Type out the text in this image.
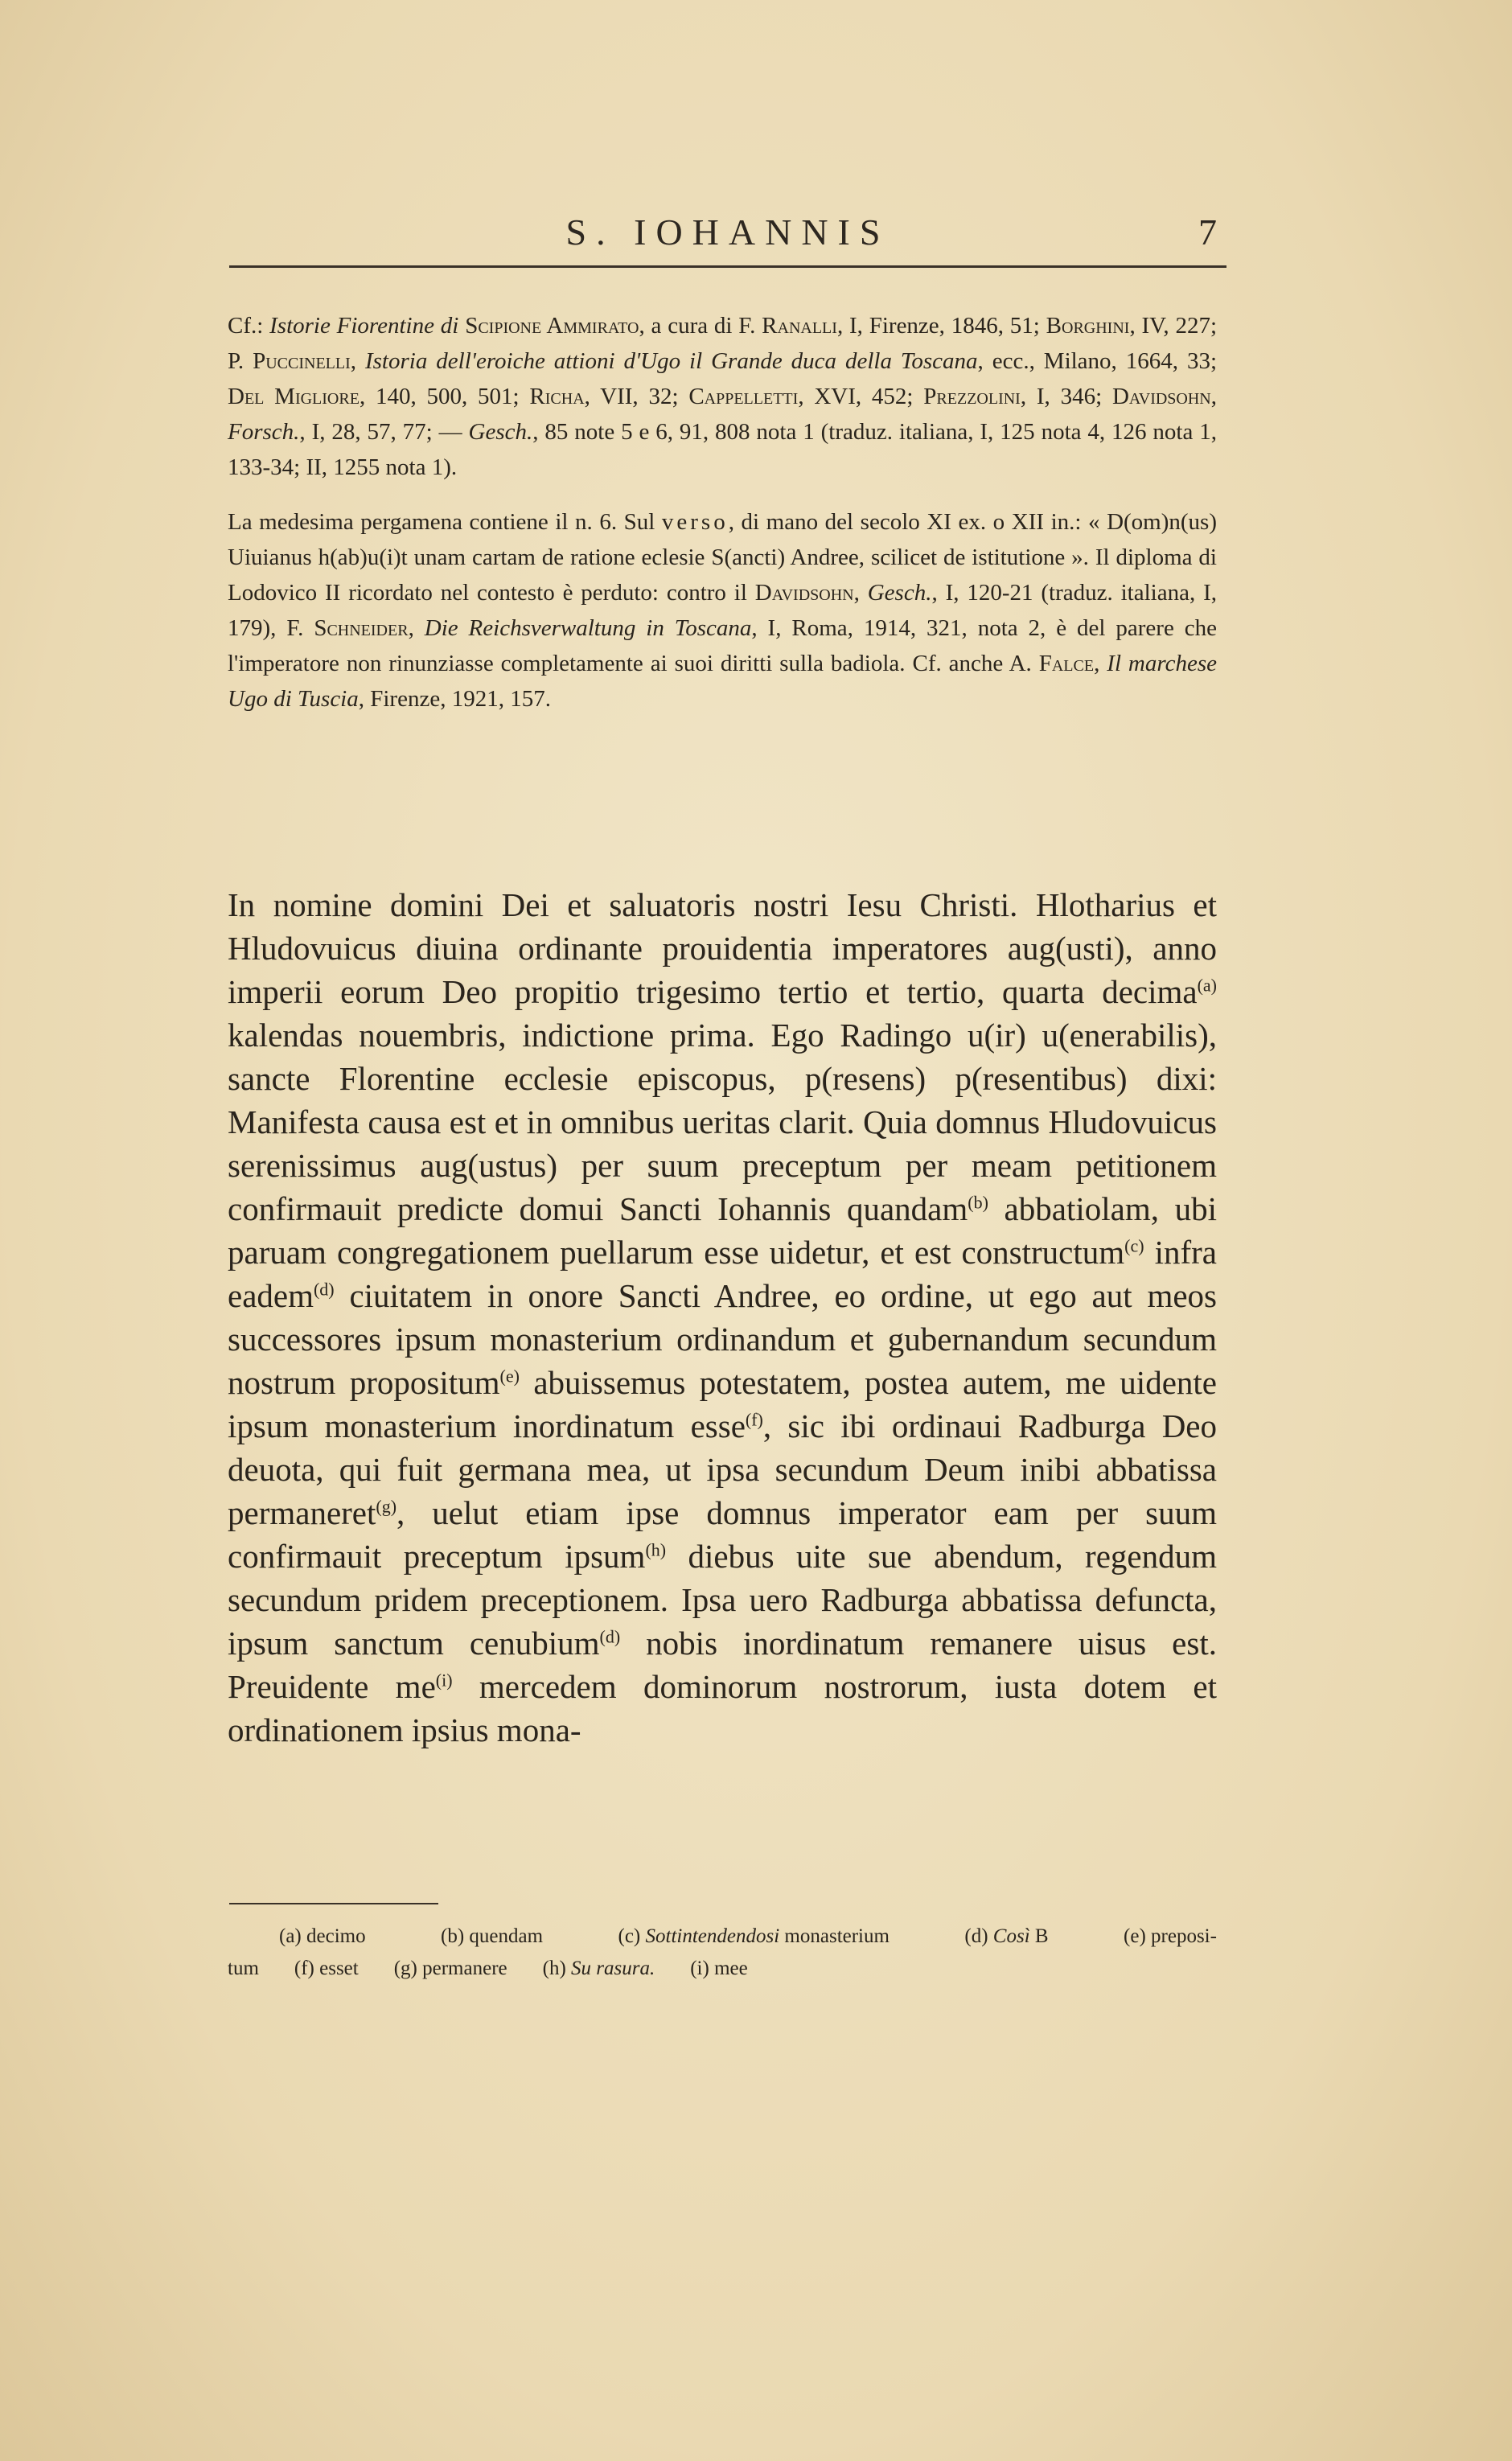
S. IOHANNIS	7

Cf.: Istorie Fiorentine di Scipione Ammirato, a cura di F. Ranalli, I, Firenze, 1846, 51; Borghini, IV, 227; P. Puccinelli, Istoria dell'eroiche attioni d'Ugo il Grande duca della Toscana, ecc., Milano, 1664, 33; Del Migliore, 140, 500, 501; Richa, VII, 32; Cappelletti, XVI, 452; Prezzolini, I, 346; Davidsohn, Forsch., I, 28, 57, 77; — Gesch., 85 note 5 e 6, 91, 808 nota 1 (traduz. italiana, I, 125 nota 4, 126 nota 1, 133-34; II, 1255 nota 1).

La medesima pergamena contiene il n. 6. Sul verso, di mano del secolo XI ex. o XII in.: « D(om)n(us) Uiuianus h(ab)u(i)t unam cartam de ratione eclesie S(ancti) Andree, scilicet de istitutione ». Il diploma di Lodovico II ricordato nel contesto è perduto: contro il Davidsohn, Gesch., I, 120-21 (traduz. italiana, I, 179), F. Schneider, Die Reichsverwaltung in Toscana, I, Roma, 1914, 321, nota 2, è del parere che l'imperatore non rinunziasse completamente ai suoi diritti sulla badiola. Cf. anche A. Falce, Il marchese Ugo di Tuscia, Firenze, 1921, 157.

In nomine domini Dei et saluatoris nostri Iesu Christi. Hlotharius et Hludovuicus diuina ordinante prouidentia imperatores aug(usti), anno imperii eorum Deo propitio trigesimo tertio et tertio, quarta decima$^{(a)}$ kalendas nouembris, indictione prima. Ego Radingo u(ir) u(enerabilis), sancte Florentine ecclesie episcopus, p(resens) p(resentibus) dixi: Manifesta causa est et in omnibus ueritas clarit. Quia domnus Hludovuicus serenissimus aug(ustus) per suum preceptum per meam petitionem confirmauit predicte domui Sancti Iohannis quandam$^{(b)}$ abbatiolam, ubi paruam congregationem puellarum esse uidetur, et est constructum$^{(c)}$ infra eadem$^{(d)}$ ciuitatem in onore Sancti Andree, eo ordine, ut ego aut meos successores ipsum monasterium ordinandum et gubernandum secundum nostrum propositum$^{(e)}$ abuissemus potestatem, postea autem, me uidente ipsum monasterium inordinatum esse$^{(f)}$, sic ibi ordinaui Radburga Deo deuota, qui fuit germana mea, ut ipsa secundum Deum inibi abbatissa permaneret$^{(g)}$, uelut etiam ipse domnus imperator eam per suum confirmauit preceptum ipsum$^{(h)}$ diebus uite sue abendum, regendum secundum pridem preceptionem. Ipsa uero Radburga abbatissa defuncta, ipsum sanctum cenubium$^{(d)}$ nobis inordinatum remanere uisus est. Preuidente $me^{(i)}$ mercedem dominorum nostrorum, iusta dotem et ordinationem ipsius mona-

(a) decimo	(b) quendam	(c) Sottintendendosi monasterium	(d) Così B	(e) preposi-
tum (f) esset (g) permanere (h) Su rasura. (i) mee
